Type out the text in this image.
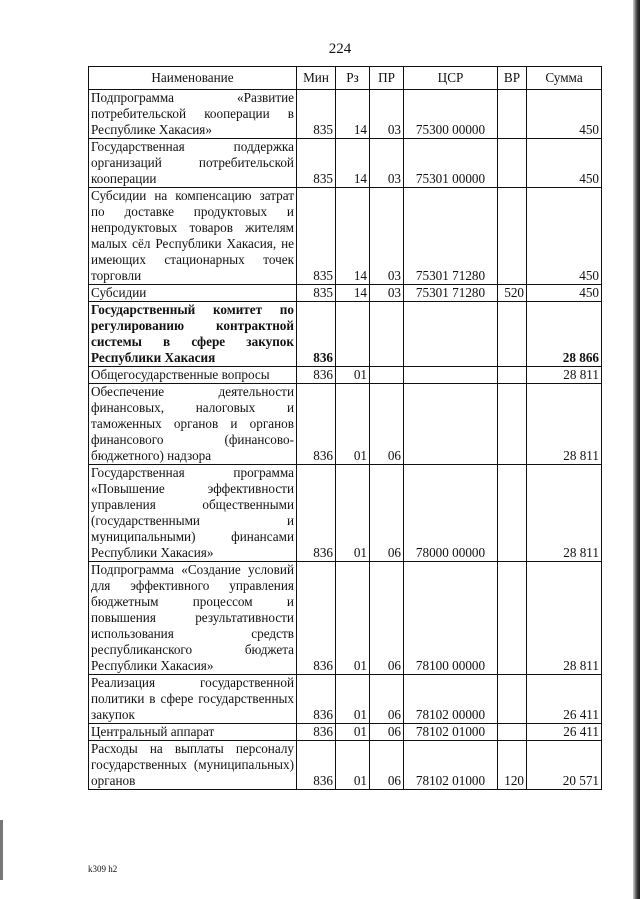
224
Наименование	Мин	Рз	ПР	ЦСР	ВР	Сумма
Подпрограмма «Развитие потребительской кооперации в Республике Хакасия»	835	14	03	75300 00000		450
Государственная поддержка организаций потребительской кооперации	835	14	03	75301 00000		450
Субсидии на компенсацию затрат по доставке продуктовых и непродуктовых товаров жителям малых сёл Республики Хакасия, не имеющих стационарных точек торговли	835	14	03	75301 71280		450
Субсидии	835	14	03	75301 71280	520	450
Государственный комитет по регулированию контрактной системы в сфере закупок Республики Хакасия	836					28 866
Общегосударственные вопросы	836	01				28 811
Обеспечение деятельности финансовых, налоговых и таможенных органов и органов финансового (финансово-бюджетного) надзора	836	01	06			28 811
Государственная программа «Повышение эффективности управления общественными (государственными и муниципальными) финансами Республики Хакасия»	836	01	06	78000 00000		28 811
Подпрограмма «Создание условий для эффективного управления бюджетным процессом и повышения результативности использования средств республиканского бюджета Республики Хакасия»	836	01	06	78100 00000		28 811
Реализация государственной политики в сфере государственных закупок	836	01	06	78102 00000		26 411
Центральный аппарат	836	01	06	78102 01000		26 411
Расходы на выплаты персоналу государственных (муниципальных) органов	836	01	06	78102 01000	120	20 571
k309 h2
